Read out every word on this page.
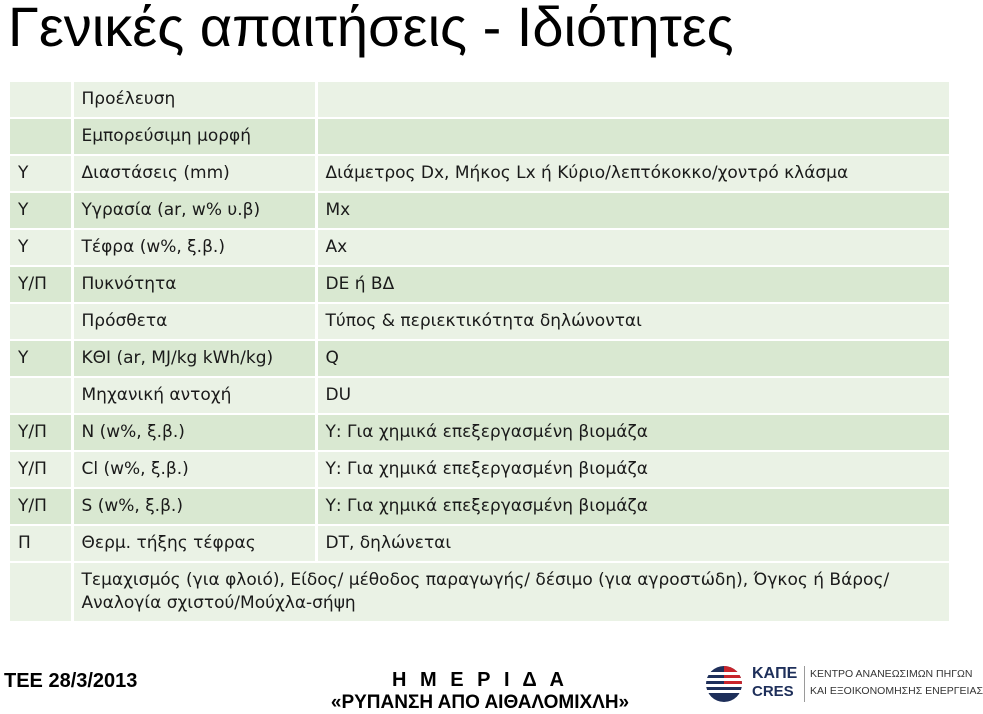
Γενικές απαιτήσεις - Ιδιότητες
	Προέλευση	
	Εμπορεύσιμη μορφή	
Υ	Διαστάσεις (mm)	Διάμετρος Dx, Μήκος Lx ή Κύριο/λεπτόκοκκο/χοντρό κλάσμα
Υ	Υγρασία (ar, w% υ.β)	Mx
Υ	Τέφρα (w%, ξ.β.)	Ax
Υ/Π	Πυκνότητα	DE ή ΒΔ
	Πρόσθετα	Τύπος & περιεκτικότητα δηλώνονται
Υ	ΚΘΙ (ar, MJ/kg kWh/kg)	Q
	Μηχανική αντοχή	DU
Υ/Π	N (w%, ξ.β.)	Υ: Για χημικά επεξεργασμένη βιομάζα
Υ/Π	Cl (w%, ξ.β.)	Υ: Για χημικά επεξεργασμένη βιομάζα
Υ/Π	S (w%, ξ.β.)	Υ: Για χημικά επεξεργασμένη βιομάζα
Π	Θερμ. τήξης τέφρας	DT, δηλώνεται
	Τεμαχισμός (για φλοιό), Είδος/ μέθοδος παραγωγής/ δέσιμο (για αγροστώδη), Όγκος ή Βάρος/ Αναλογία σχιστού/Μούχλα-σήψη	
ΤΕΕ 28/3/2013	Η Μ Ε Ρ Ι Δ Α
«ΡΥΠΑΝΣΗ ΑΠΟ ΑΙΘΑΛΟΜΙΧΛΗ»
ΚΑΠΕ
CRES
ΚΕΝΤΡΟ ΑΝΑΝΕΩΣΙΜΩΝ ΠΗΓΩΝ
ΚΑΙ ΕΞΟΙΚΟΝΟΜΗΣΗΣ ΕΝΕΡΓΕΙΑΣ
